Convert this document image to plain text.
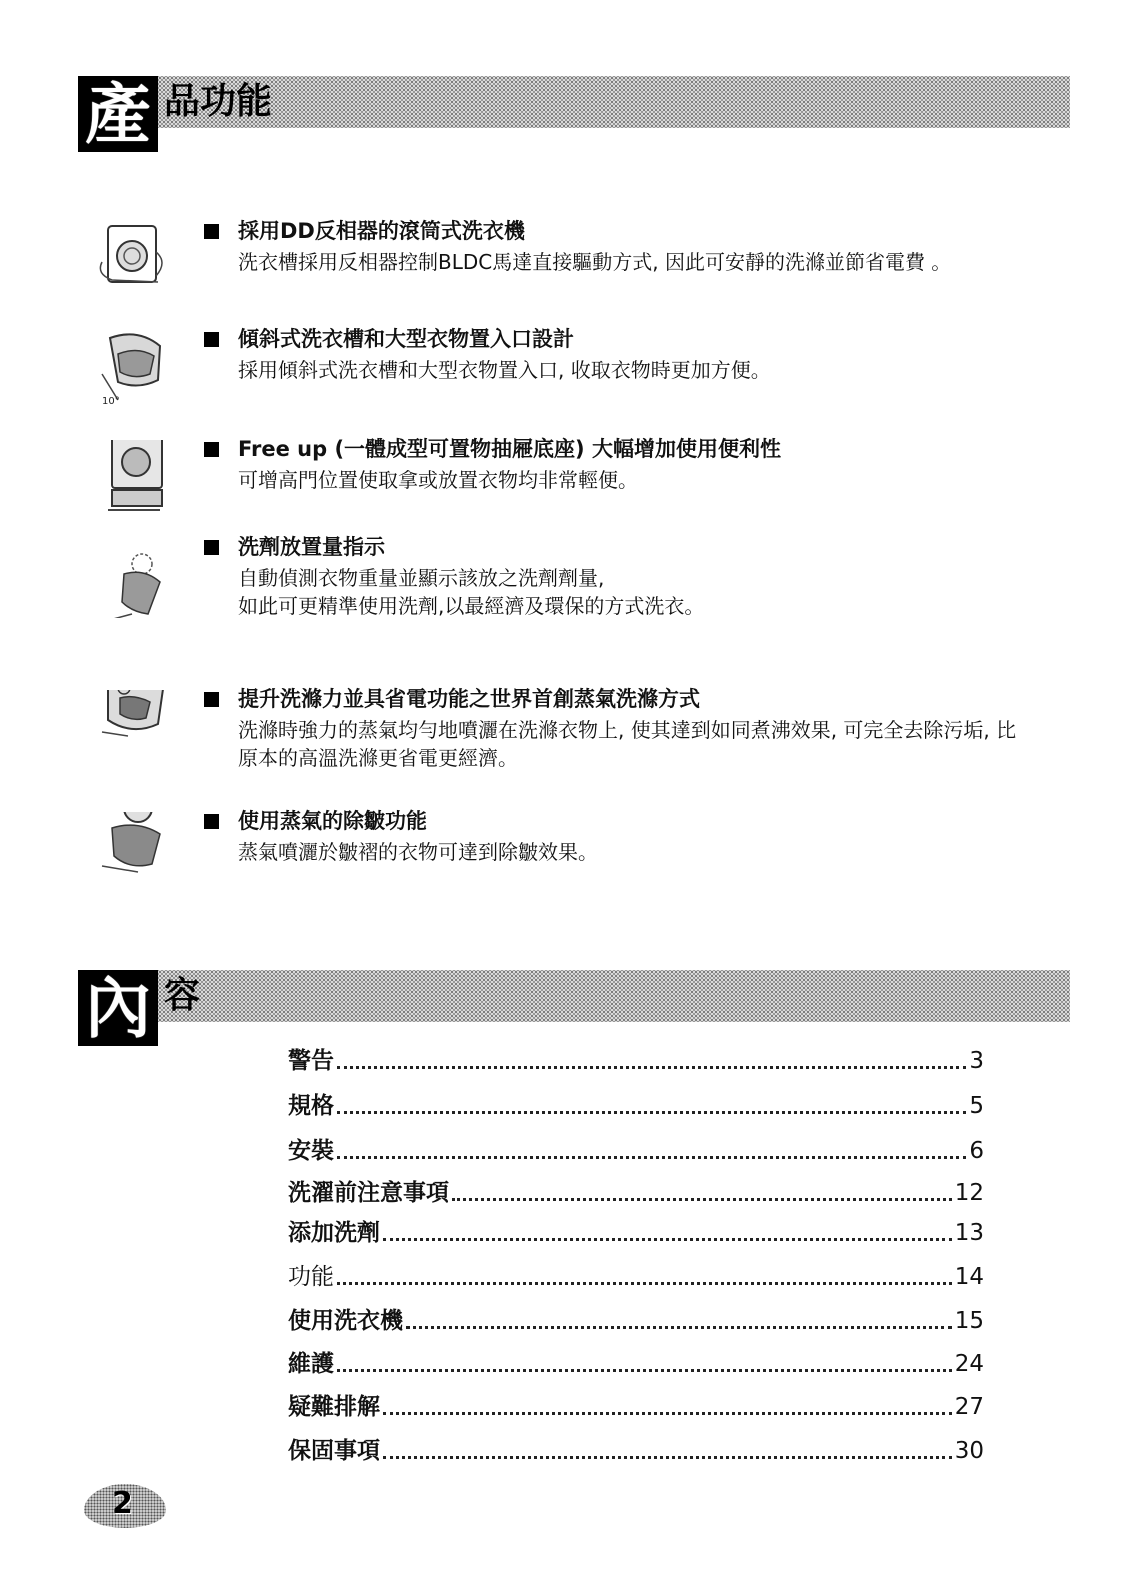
產 品功能
採用DD反相器的滾筒式洗衣機
洗衣槽採用反相器控制BLDC馬達直接驅動方式, 因此可安靜的洗滌並節省電費 。
10°
傾斜式洗衣槽和大型衣物置入口設計
採用傾斜式洗衣槽和大型衣物置入口, 收取衣物時更加方便。
Free up (一體成型可置物抽屜底座) 大幅增加使用便利性
可增高門位置使取拿或放置衣物均非常輕便。
洗劑放置量指示
自動偵測衣物重量並顯示該放之洗劑劑量,
如此可更精準使用洗劑,以最經濟及環保的方式洗衣。
提升洗滌力並具省電功能之世界首創蒸氣洗滌方式
洗滌時強力的蒸氣均勻地噴灑在洗滌衣物上, 使其達到如同煮沸效果, 可完全去除污垢, 比原本的高溫洗滌更省電更經濟。
使用蒸氣的除皺功能
蒸氣噴灑於皺褶的衣物可達到除皺效果。
內 容
警告	3
規格	5
安裝	6
洗濯前注意事項	12
添加洗劑	13
功能	14
使用洗衣機	15
維護	24
疑難排解	27
保固事項	30
2
